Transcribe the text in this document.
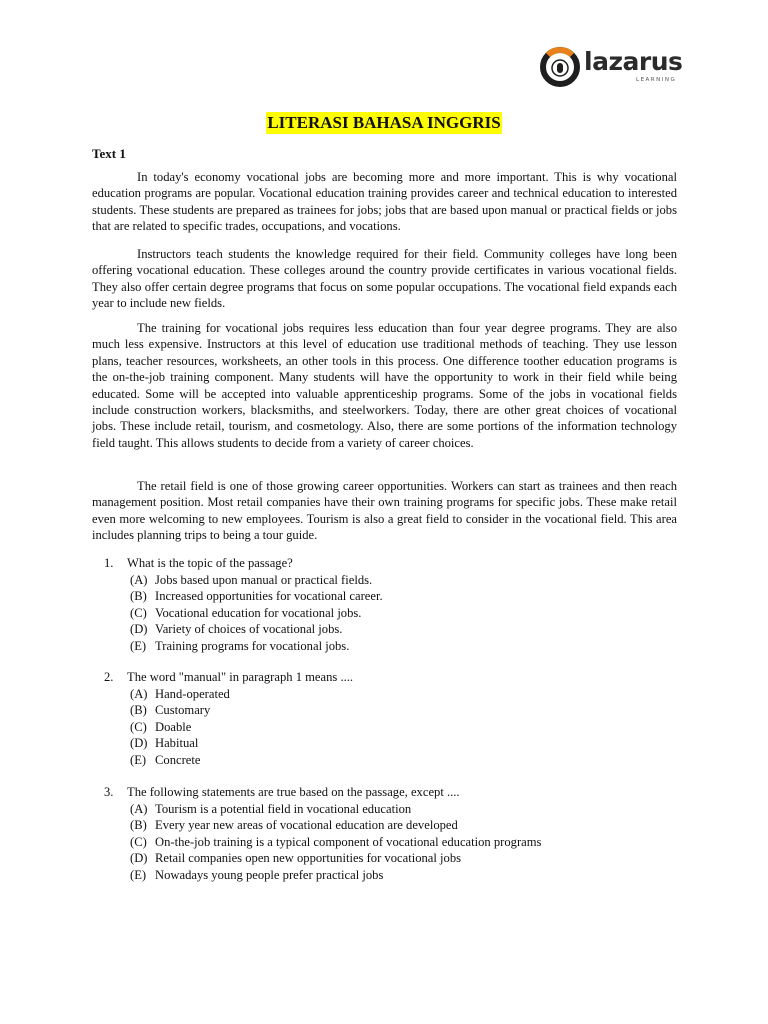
lazarus
LEARNING
LITERASI BAHASA INGGRIS
Text 1

In today's economy vocational jobs are becoming more and more important. This is why vocational education programs are popular. Vocational education training provides career and technical education to interested students. These students are prepared as trainees for jobs; jobs that are based upon manual or practical fields or jobs that are related to specific trades, occupations, and vocations.

Instructors teach students the knowledge required for their field. Community colleges have long been offering vocational education. These colleges around the country provide certificates in various vocational fields. They also offer certain degree programs that focus on some popular occupations. The vocational field expands each year to include new fields.

The training for vocational jobs requires less education than four year degree programs. They are also much less expensive. Instructors at this level of education use traditional methods of teaching. They use lesson plans, teacher resources, worksheets, an other tools in this process. One difference toother education programs is the on-the-job training component. Many students will have the opportunity to work in their field while being educated. Some will be accepted into valuable apprenticeship programs. Some of the jobs in vocational fields include construction workers, blacksmiths, and steelworkers. Today, there are other great choices of vocational jobs. These include retail, tourism, and cosmetology. Also, there are some portions of the information technology field taught. This allows students to decide from a variety of career choices.

The retail field is one of those growing career opportunities. Workers can start as trainees and then reach management position. Most retail companies have their own training programs for specific jobs. These make retail even more welcoming to new employees. Tourism is also a great field to consider in the vocational field. This area includes planning trips to being a tour guide.

1.	What is the topic of the passage?
(A) Jobs based upon manual or practical fields.
(B) Increased opportunities for vocational career.
(C) Vocational education for vocational jobs.
(D) Variety of choices of vocational jobs.
(E) Training programs for vocational jobs.
2.	The word "manual" in paragraph 1 means ....
(A) Hand-operated
(B) Customary
(C) Doable
(D) Habitual
(E) Concrete
3.	The following statements are true based on the passage, except ....
(A) Tourism is a potential field in vocational education
(B) Every year new areas of vocational education are developed
(C) On-the-job training is a typical component of vocational education programs
(D) Retail companies open new opportunities for vocational jobs
(E) Nowadays young people prefer practical jobs
